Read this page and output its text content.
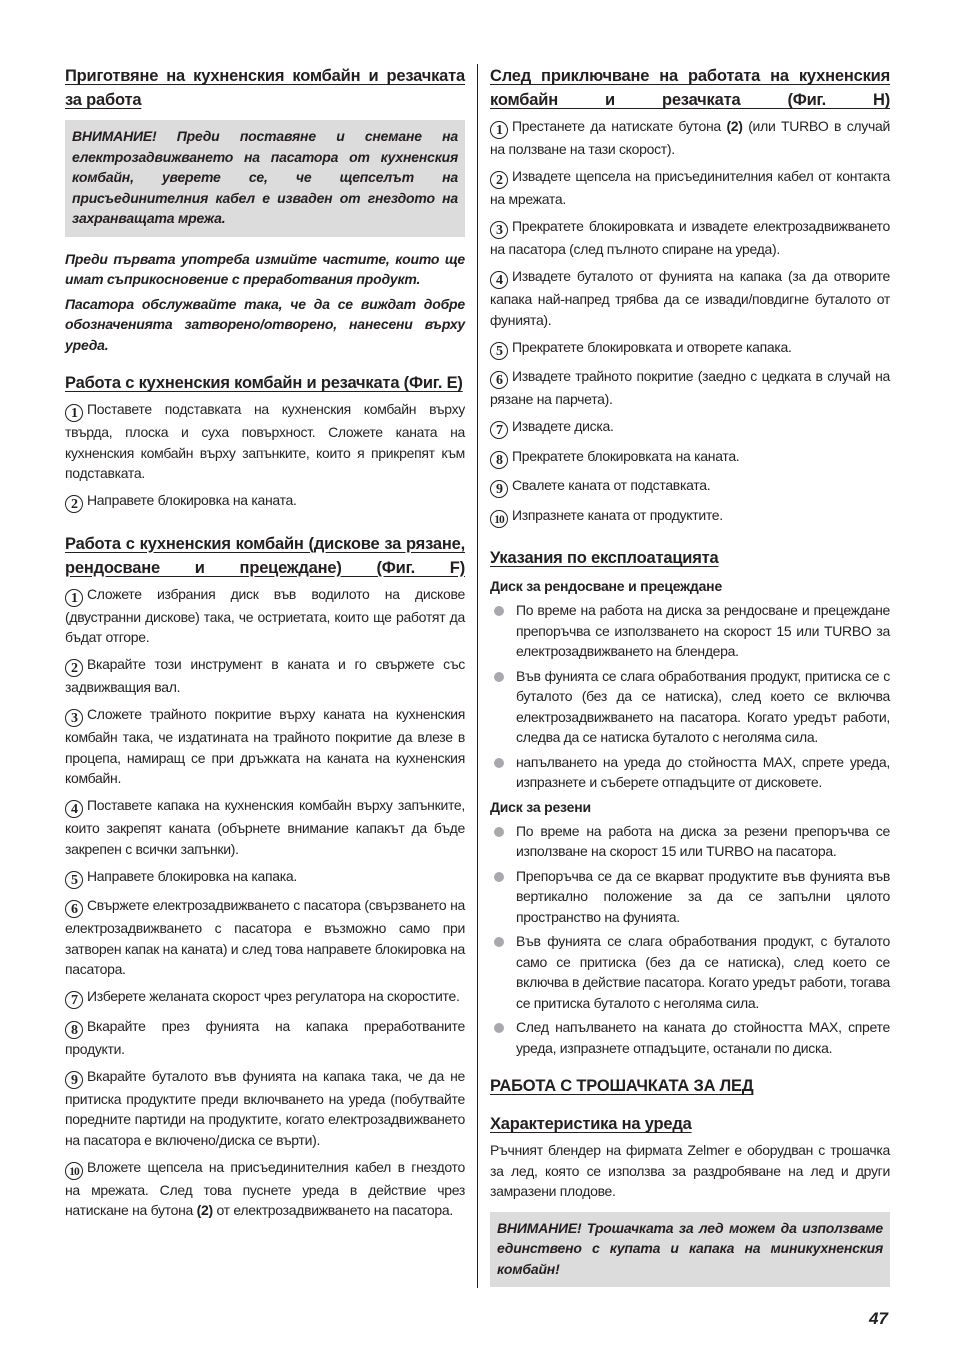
Приготвяне на кухненския комбайн и резачката за работа
ВНИМАНИЕ! Преди поставяне и снемане на електрозадвижването на пасатора от кухненския комбайн, уверете се, че щепселът на присъединителния кабел е изваден от гнездото на захранващата мрежа.
Преди първата употреба измийте частите, които ще имат съприкосновение с преработвания продукт.
Пасатора обслужвайте така, че да се виждат добре обозначенията затворено/отворено, нанесени върху уреда.
Работа с кухненския комбайн и резачката (Фиг. E)
1 Поставете подставката на кухненския комбайн върху твърда, плоска и суха повърхност. Сложете каната на кухненския комбайн върху запънките, които я прикрепят към подставката.
2 Направете блокировка на каната.
Работа с кухненския комбайн (дискове за рязане, рендосване и прецеждане) (Фиг. F)
1 Сложете избрания диск във водилото на дискове (двустранни дискове) така, че остриетата, които ще работят да бъдат отгоре.
2 Вкарайте този инструмент в каната и го свържете със задвижващия вал.
3 Сложете трайното покритие върху каната на кухненския комбайн така, че издатината на трайното покритие да влезе в процепа, намиращ се при дръжката на каната на кухненския комбайн.
4 Поставете капака на кухненския комбайн върху запънките, които закрепят каната (обърнете внимание капакът да бъде закрепен с всички запънки).
5 Направете блокировка на капака.
6 Свържете електрозадвижването с пасатора (свързването на електрозадвижването с пасатора е възможно само при затворен капак на каната) и след това направете блокировка на пасатора.
7 Изберете желаната скорост чрез регулатора на скоростите.
8 Вкарайте през фунията на капака преработваните продукти.
9 Вкарайте буталото във фунията на капака така, че да не притиска продуктите преди включването на уреда (побутвайте поредните партиди на продуктите, когато електрозадвижването на пасатора е включено/диска се върти).
10 Вложете щепсела на присъединителния кабел в гнездото на мрежата. След това пуснете уреда в действие чрез натискане на бутона (2) от електрозадвижването на пасатора.
След приключване на работата на кухненския комбайн и резачката (Фиг. H)
1 Престанете да натискате бутона (2) (или TURBO в случай на ползване на тази скорост).
2 Извадете щепсела на присъединителния кабел от контакта на мрежата.
3 Прекратете блокировката и извадете електрозадвижването на пасатора (след пълното спиране на уреда).
4 Извадете буталото от фунията на капака (за да отворите капака най-напред трябва да се извади/повдигне буталото от фунията).
5 Прекратете блокировката и отворете капака.
6 Извадете трайното покритие (заедно с цедката в случай на рязане на парчета).
7 Извадете диска.
8 Прекратете блокировката на каната.
9 Свалете каната от подставката.
10 Изпразнете каната от продуктите.
Указания по експлоатацията
Диск за рендосване и прецеждане
По време на работа на диска за рендосване и прецеждане препоръчва се използването на скорост 15 или TURBO за електрозадвижването на блендера.
Във фунията се слага обработвания продукт, притиска се с буталото (без да се натиска), след което се включва електрозадвижването на пасатора. Когато уредът работи, следва да се натиска буталото с неголяма сила.
напълването на уреда до стойността MAX, спрете уреда, изпразнете и съберете отпадъците от дисковете.
Диск за резени
По време на работа на диска за резени препоръчва се използване на скорост 15 или TURBO на пасатора.
Препоръчва се да се вкарват продуктите във фунията във вертикално положение за да се запълни цялото пространство на фунията.
Във фунията се слага обработвания продукт, с буталото само се притиска (без да се натиска), след което се включва в действие пасатора. Когато уредът работи, тогава се притиска буталото с неголяма сила.
След напълването на каната до стойността MAX, спрете уреда, изпразнете отпадъците, останали по диска.
РАБОТА С ТРОШАЧКАТА ЗА ЛЕД
Характеристика на уреда
Ръчният блендер на фирмата Zelmer е оборудван с трошачка за лед, която се използва за раздробяване на лед и други замразени плодове.
ВНИМАНИЕ! Трошачката за лед можем да използваме единствено с купата и капака на миникухненския комбайн!
47
